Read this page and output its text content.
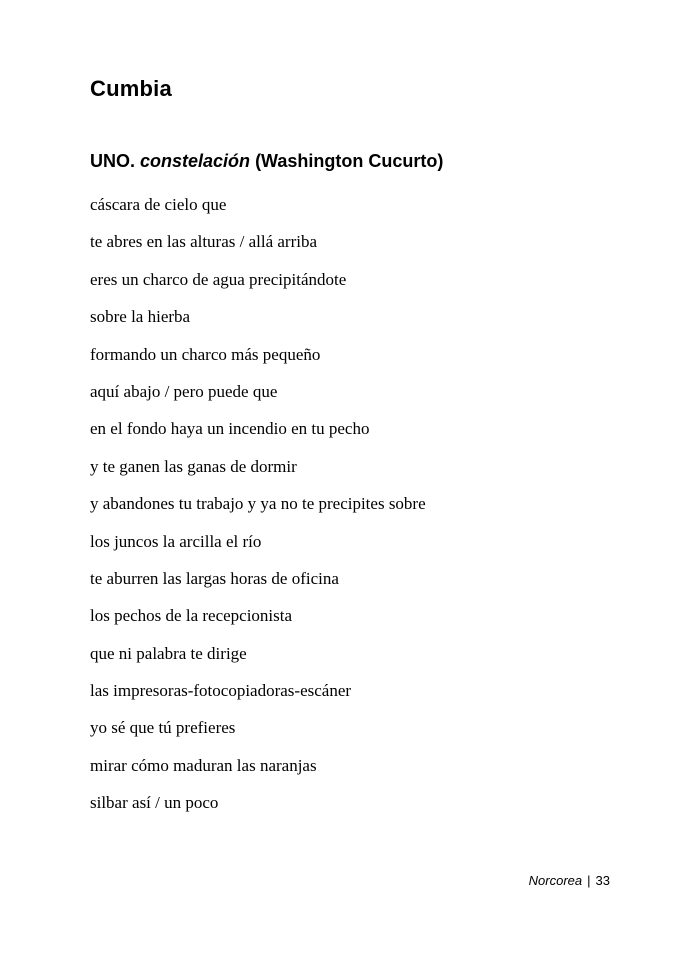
Cumbia
UNO. constelación (Washington Cucurto)
cáscara de cielo que
te abres en las alturas / allá arriba
eres un charco de agua precipitándote
sobre la hierba
formando un charco más pequeño
aquí abajo / pero puede que
en el fondo haya un incendio en tu pecho
y te ganen las ganas de dormir
y abandones tu trabajo y ya no te precipites sobre
los juncos la arcilla el río
te aburren las largas horas de oficina
los pechos de la recepcionista
que ni palabra te dirige
las impresoras-fotocopiadoras-escáner
yo sé que tú prefieres
mirar cómo maduran las naranjas
silbar así / un poco
Norcorea | 33
